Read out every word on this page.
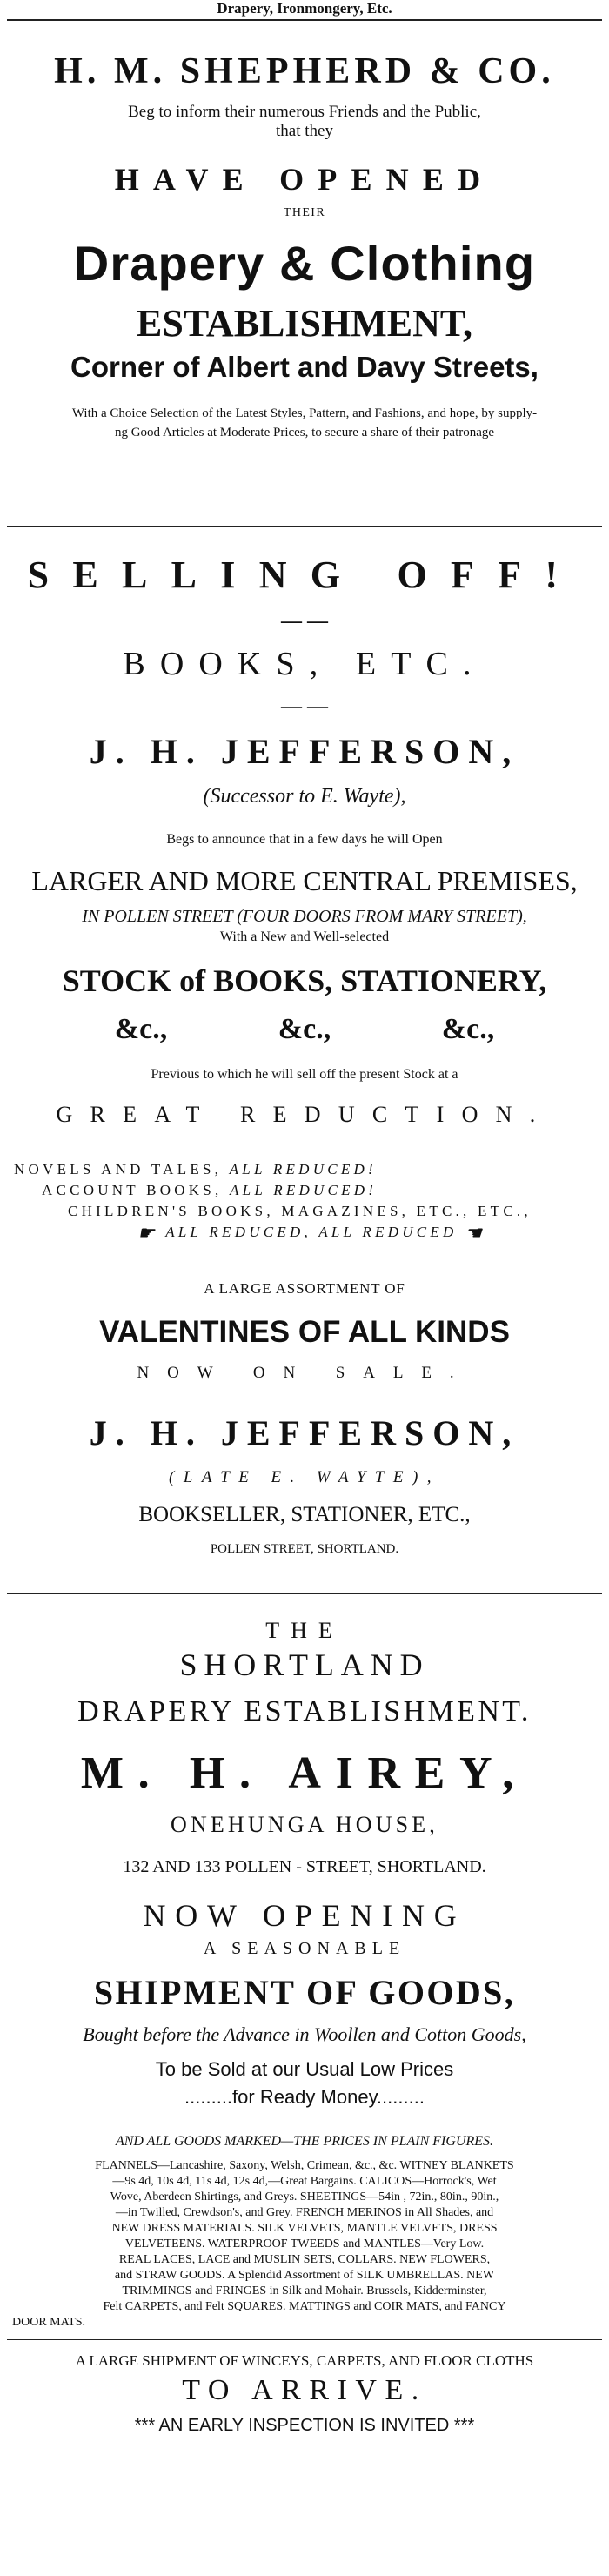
Drapery, Ironmongery, Etc.
H. M. SHEPHERD & CO.
Beg to inform their numerous Friends and the Public,
that they
HAVE OPENED
THEIR
Drapery & Clothing
ESTABLISHMENT,
Corner of Albert and Davy Streets,
With a Choice Selection of the Latest Styles, Pattern, and Fashions, and hope, by supply-
ng Good Articles at Moderate Prices, to secure a share of their patronage
SELLING OFF!
— —
BOOKS, ETC.
— —
J. H. JEFFERSON,
(Successor to E. Wayte),
Begs to announce that in a few days he will Open
LARGER AND MORE CENTRAL PREMISES,
IN POLLEN STREET (FOUR DOORS FROM MARY STREET),
With a New and Well-selected
STOCK of BOOKS, STATIONERY,
&c.,	&c.,	&c.,
Previous to which he will sell off the present Stock at a
GREAT REDUCTION.
NOVELS AND TALES, ALL REDUCED!
ACCOUNT BOOKS, ALL REDUCED!
CHILDREN'S BOOKS, MAGAZINES, ETC., ETC.,
☛ ALL REDUCED, ALL REDUCED ☚
A LARGE ASSORTMENT OF
VALENTINES OF ALL KINDS
NOW ON SALE.
J. H. JEFFERSON,
(LATE E. WAYTE),
BOOKSELLER, STATIONER, ETC.,
POLLEN STREET, SHORTLAND.
THE
SHORTLAND
DRAPERY ESTABLISHMENT.
M. H. AIREY,
ONEHUNGA HOUSE,
132 AND 133 POLLEN - STREET, SHORTLAND.
NOW OPENING
A SEASONABLE
SHIPMENT OF GOODS,
Bought before the Advance in Woollen and Cotton Goods,
To be Sold at our Usual Low Prices
.........for Ready Money.........
AND ALL GOODS MARKED—THE PRICES IN PLAIN FIGURES.
FLANNELS—Lancashire, Saxony, Welsh, Crimean, &c., &c. WITNEY BLANKETS
—9s 4d, 10s 4d, 11s 4d, 12s 4d,—Great Bargains. CALICOS—Horrock's, Wet
Wove, Aberdeen Shirtings, and Greys. SHEETINGS—54in , 72in., 80in., 90in.,
—in Twilled, Crewdson's, and Grey. FRENCH MERINOS in All Shades, and
NEW DRESS MATERIALS. SILK VELVETS, MANTLE VELVETS, DRESS
VELVETEENS. WATERPROOF TWEEDS and MANTLES—Very Low.
REAL LACES, LACE and MUSLIN SETS, COLLARS. NEW FLOWERS,
and STRAW GOODS. A Splendid Assortment of SILK UMBRELLAS. NEW
TRIMMINGS and FRINGES in Silk and Mohair. Brussels, Kidderminster,
Felt CARPETS, and Felt SQUARES. MATTINGS and COIR MATS, and FANCY
DOOR MATS.
A LARGE SHIPMENT OF WINCEYS, CARPETS, AND FLOOR CLOTHS
TO ARRIVE.
*** AN EARLY INSPECTION IS INVITED ***
